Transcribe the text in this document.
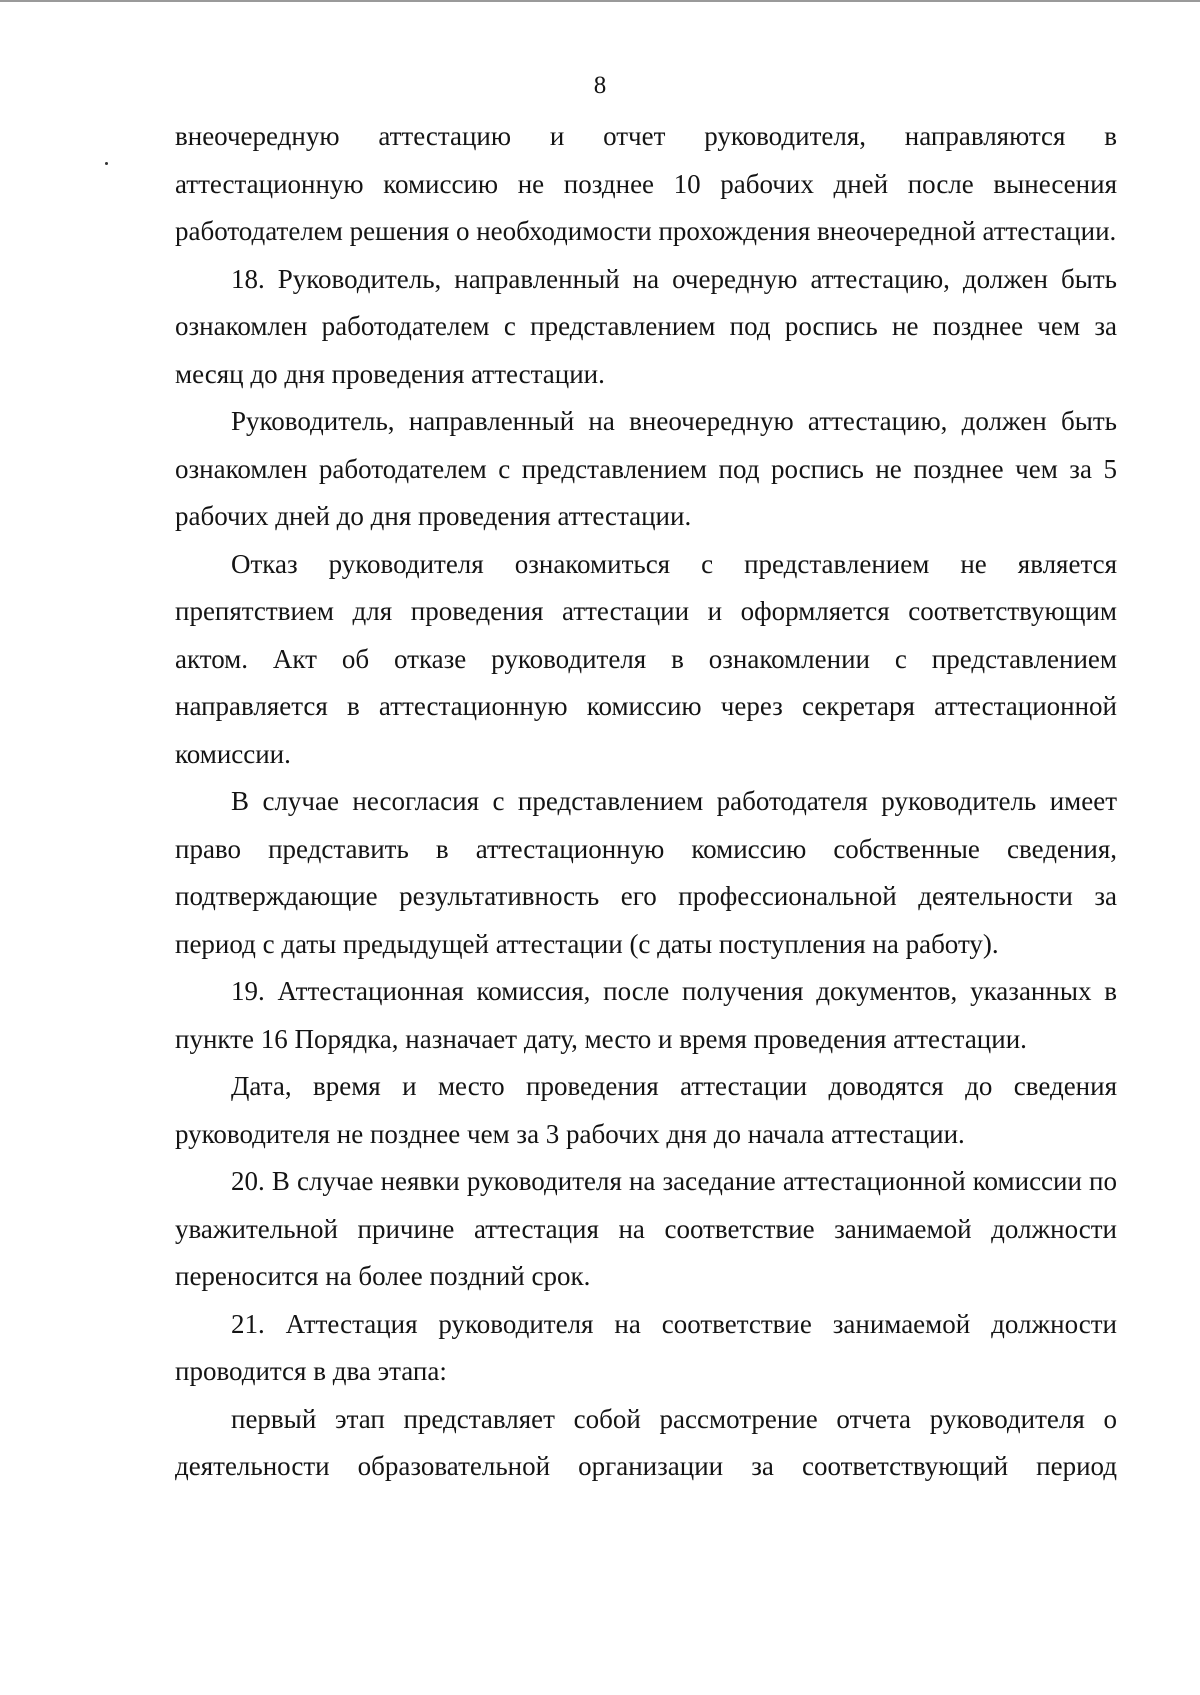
8

внеочередную аттестацию и отчет руководителя, направляются в аттестационную комиссию не позднее 10 рабочих дней после вынесения работодателем решения о необходимости прохождения внеочередной аттестации.

18. Руководитель, направленный на очередную аттестацию, должен быть ознакомлен работодателем с представлением под роспись не позднее чем за месяц до дня проведения аттестации.

Руководитель, направленный на внеочередную аттестацию, должен быть ознакомлен работодателем с представлением под роспись не позднее чем за 5 рабочих дней до дня проведения аттестации.

Отказ руководителя ознакомиться с представлением не является препятствием для проведения аттестации и оформляется соответствующим актом. Акт об отказе руководителя в ознакомлении с представлением направляется в аттестационную комиссию через секретаря аттестационной комиссии.

В случае несогласия с представлением работодателя руководитель имеет право представить в аттестационную комиссию собственные сведения, подтверждающие результативность его профессиональной деятельности за период с даты предыдущей аттестации (с даты поступления на работу).

19. Аттестационная комиссия, после получения документов, указанных в пункте 16 Порядка, назначает дату, место и время проведения аттестации.

Дата, время и место проведения аттестации доводятся до сведения руководителя не позднее чем за 3 рабочих дня до начала аттестации.

20. В случае неявки руководителя на заседание аттестационной комиссии по уважительной причине аттестация на соответствие занимаемой должности переносится на более поздний срок.

21. Аттестация руководителя на соответствие занимаемой должности проводится в два этапа:

первый этап представляет собой рассмотрение отчета руководителя о деятельности образовательной организации за соответствующий период
